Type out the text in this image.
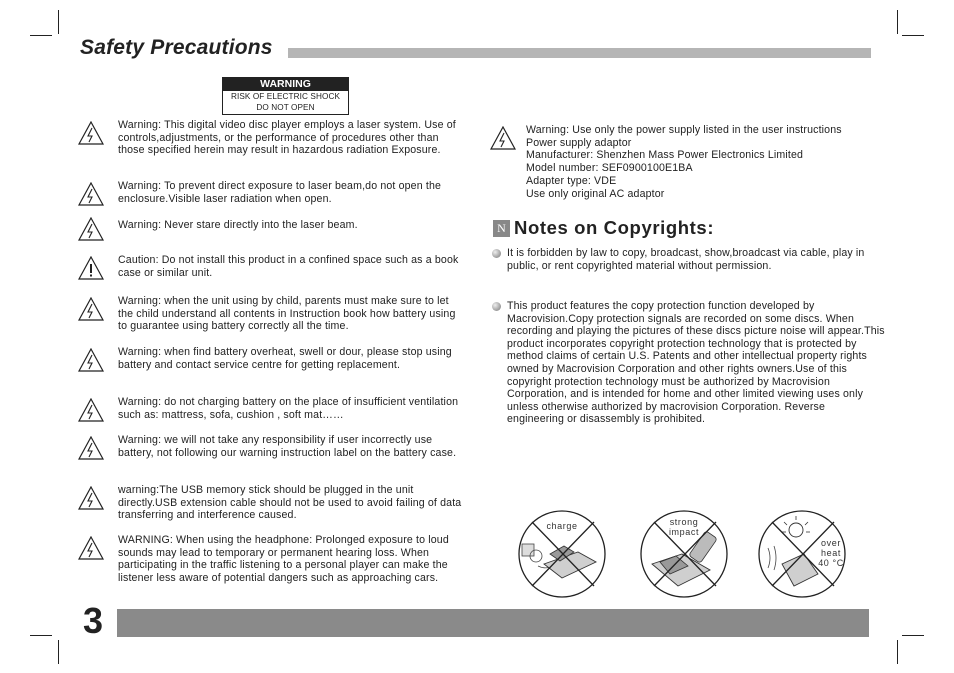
Safety Precautions
WARNING
RISK OF ELECTRIC SHOCK
DO NOT OPEN
Warning: This digital video disc player employs a laser system. Use of controls,adjustments, or the performance of procedures other than those specified herein may result in hazardous radiation Exposure.
Warning: To prevent direct exposure to laser beam,do not open the enclosure.Visible laser radiation when open.
Warning: Never stare directly into the laser beam.
Caution: Do not install this product in a confined space such as a book case or similar unit.
Warning: when the unit using by child, parents must make sure to let the child understand all contents in Instruction book how battery using to guarantee using battery correctly all the time.
Warning: when find battery overheat, swell or dour, please stop using battery and contact service centre for getting replacement.
Warning: do not charging battery on the place of insufficient ventilation such as: mattress, sofa, cushion , soft mat……
Warning: we will not take any responsibility if user incorrectly use battery, not following our warning instruction label on the battery case.
warning:The USB memory stick should be plugged in the unit directly.USB extension cable should not be used to avoid failing of data transferring and interference caused.
WARNING: When using the headphone: Prolonged exposure to loud sounds may lead to temporary or permanent hearing loss. When participating in the traffic listening to a personal player can make the listener less aware of potential dangers such as approaching cars.
Warning: Use only the power supply listed in the user instructions
Power supply adaptor
Manufacturer: Shenzhen Mass Power Electronics Limited
Model number: SEF0900100E1BA
Adapter type: VDE
Use only original AC adaptor
N Notes on Copyrights:
It is forbidden by law to copy, broadcast, show,broadcast via cable, play in public, or rent copyrighted material without permission.
This product features the copy protection function developed by Macrovision.Copy protection signals are recorded on some discs. When recording and playing the pictures of these discs picture noise will appear.This product incorporates copyright protection technology that is protected by method claims of certain U.S. Patents and other intellectual property rights owned by Macrovision Corporation and other rights owners.Use of this copyright protection technology must be authorized by Macrovision Corporation, and is intended for home and other limited viewing uses only unless otherwise authorized by macrovision Corporation. Reverse engineering or disassembly is prohibited.
charge	strong impact
over heat 40 °C
3
